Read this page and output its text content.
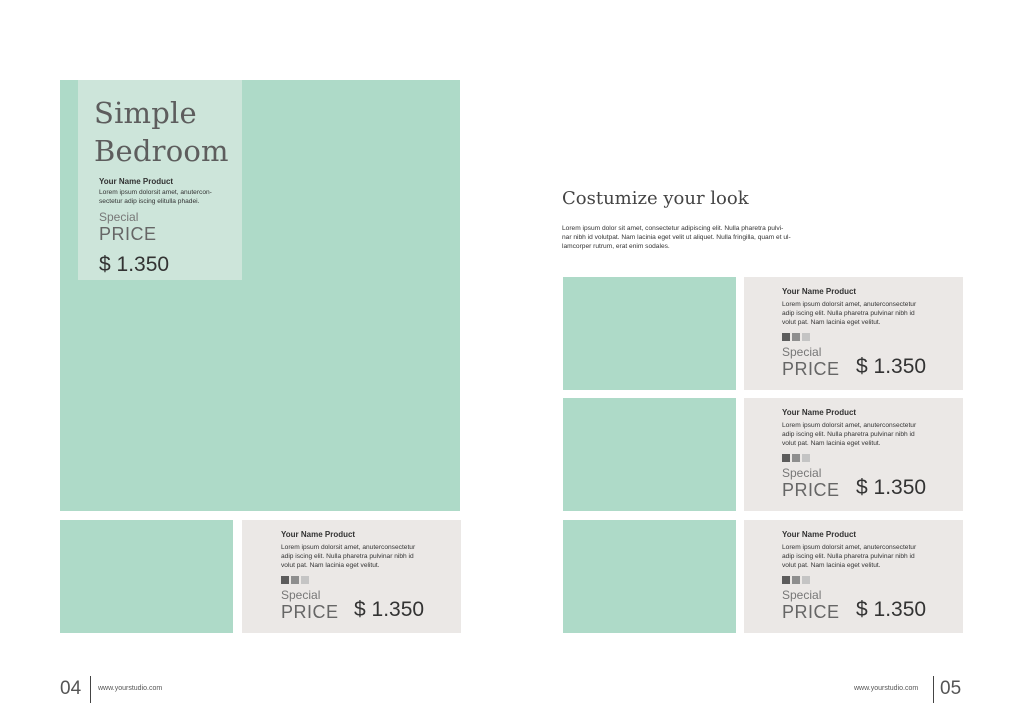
Simple
Bedroom
Your Name Product
Lorem ipsum dolorsit amet, anutercon-
sectetur adip iscing elitulla phadei.
Special
PRICE
$ 1.350
Your Name Product
Lorem ipsum dolorsit amet, anuterconsectetur
adip iscing elit. Nulla pharetra pulvinar nibh id
volut pat. Nam lacinia eget velitut.
Special
PRICE $ 1.350
04 www.yourstudio.com
Costumize your look
Lorem ipsum dolor sit amet, consectetur adipiscing elit. Nulla pharetra pulvi-
nar nibh id volutpat. Nam lacinia eget velit ut aliquet. Nulla fringilla, quam et ul-
lamcorper rutrum, erat enim sodales.
Your Name Product
Lorem ipsum dolorsit amet, anuterconsectetur
adip iscing elit. Nulla pharetra pulvinar nibh id
volut pat. Nam lacinia eget velitut.
Special
PRICE $ 1.350
Your Name Product
Lorem ipsum dolorsit amet, anuterconsectetur
adip iscing elit. Nulla pharetra pulvinar nibh id
volut pat. Nam lacinia eget velitut.
Special
PRICE $ 1.350
Your Name Product
Lorem ipsum dolorsit amet, anuterconsectetur
adip iscing elit. Nulla pharetra pulvinar nibh id
volut pat. Nam lacinia eget velitut.
Special
PRICE $ 1.350
www.yourstudio.com 05
